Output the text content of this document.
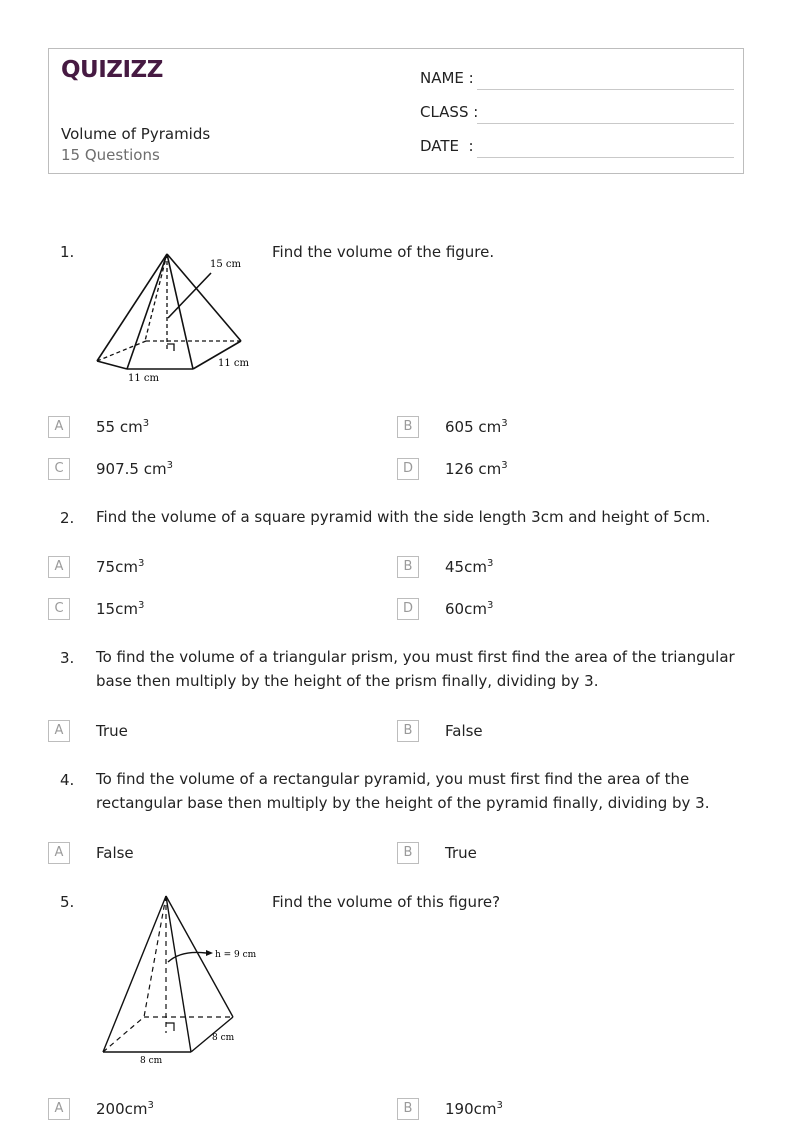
QUIZIZZ
Volume of Pyramids
15 Questions
NAME :
CLASS :
DATE  :
1.	Find the volume of the figure.
15 cm
11 cm
11 cm
A	55 $cm^3$	B	605 $cm^3$
C	907.5 $cm^3$	D	126 $cm^3$
2. Find the volume of a square pyramid with the side length 3cm and height of 5cm.
A	$75cm^3$	B	$45cm^3$
C	$15cm^3$	D	$60cm^3$
3. To find the volume of a triangular prism, you must first find the area of the triangular base then multiply by the height of the prism finally, dividing by 3.
A	True	B	False
4. To find the volume of a rectangular pyramid, you must first find the area of the rectangular base then multiply by the height of the pyramid finally, dividing by 3.
A	False	B	True
5.	Find the volume of this figure?
h = 9 cm
8 cm
8 cm
A	$200cm^3$	B	$190cm^3$
